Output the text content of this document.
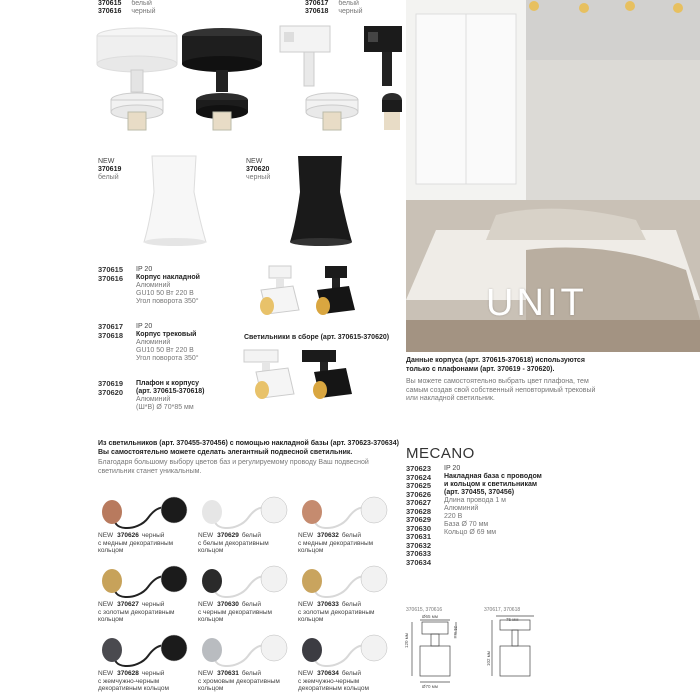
370615 белый
370616 черный
370617 белый
370618 черный
NEW
370619
белый
NEW
370620
черный
370615
370616
IP 20
Корпус накладной
Алюминий
GU10 50 Вт 220 В
Угол поворота 350°
370617
370618
IP 20
Корпус трековый
Алюминий
GU10 50 Вт 220 В
Угол поворота 350°
370619
370620
Плафон к корпусу
(арт. 370615-370618)
Алюминий
(Ш*В) Ø 70*85 мм
Светильники в сборе (арт. 370615-370620)
UNIT
Данные корпуса (арт. 370615-370618) используются только с плафонами (арт. 370619 - 370620).
Вы можете самостоятельно выбрать цвет плафона, тем самым создав свой собственный неповторимый трековый или накладной светильник.
Из светильников (арт. 370455-370456) с помощью накладной базы (арт. 370623-370634) Вы самостоятельно можете сделать элегантный подвесной светильник.
Благодаря большому выбору цветов баз и регулируемому проводу Ваш подвесной светильник станет уникальным.
MECANO
370623
370624
370625
370626
370627
370628
370629
370630
370631
370632
370633
370634
IP 20
Накладная база с проводом
и кольцом к светильникам
(арт. 370455, 370456)
Длина провода 1 м
Алюминий
220 В
База Ø 70 мм
Кольцо Ø 69 мм
NEW 370626 черный
с медным декоративным
кольцом
NEW 370629 белый
с белым декоративным
кольцом
NEW 370632 белый
с медным декоративным
кольцом
NEW 370627 черный
с золотым декоративным
кольцом
NEW 370630 белый
с черным декоративным
кольцом
NEW 370633 белый
с золотым декоративным
кольцом
NEW 370628 черный
с жемчужно-черным
декоративным кольцом
NEW 370631 белый
с хромовым декоративным
кольцом
NEW 370634 белый
с жемчужно-черным
декоративным кольцом
370615, 370616	370617, 370618
Ø65 мм
Ø70 мм
31 мм
120 мм
75 мм
102 мм
